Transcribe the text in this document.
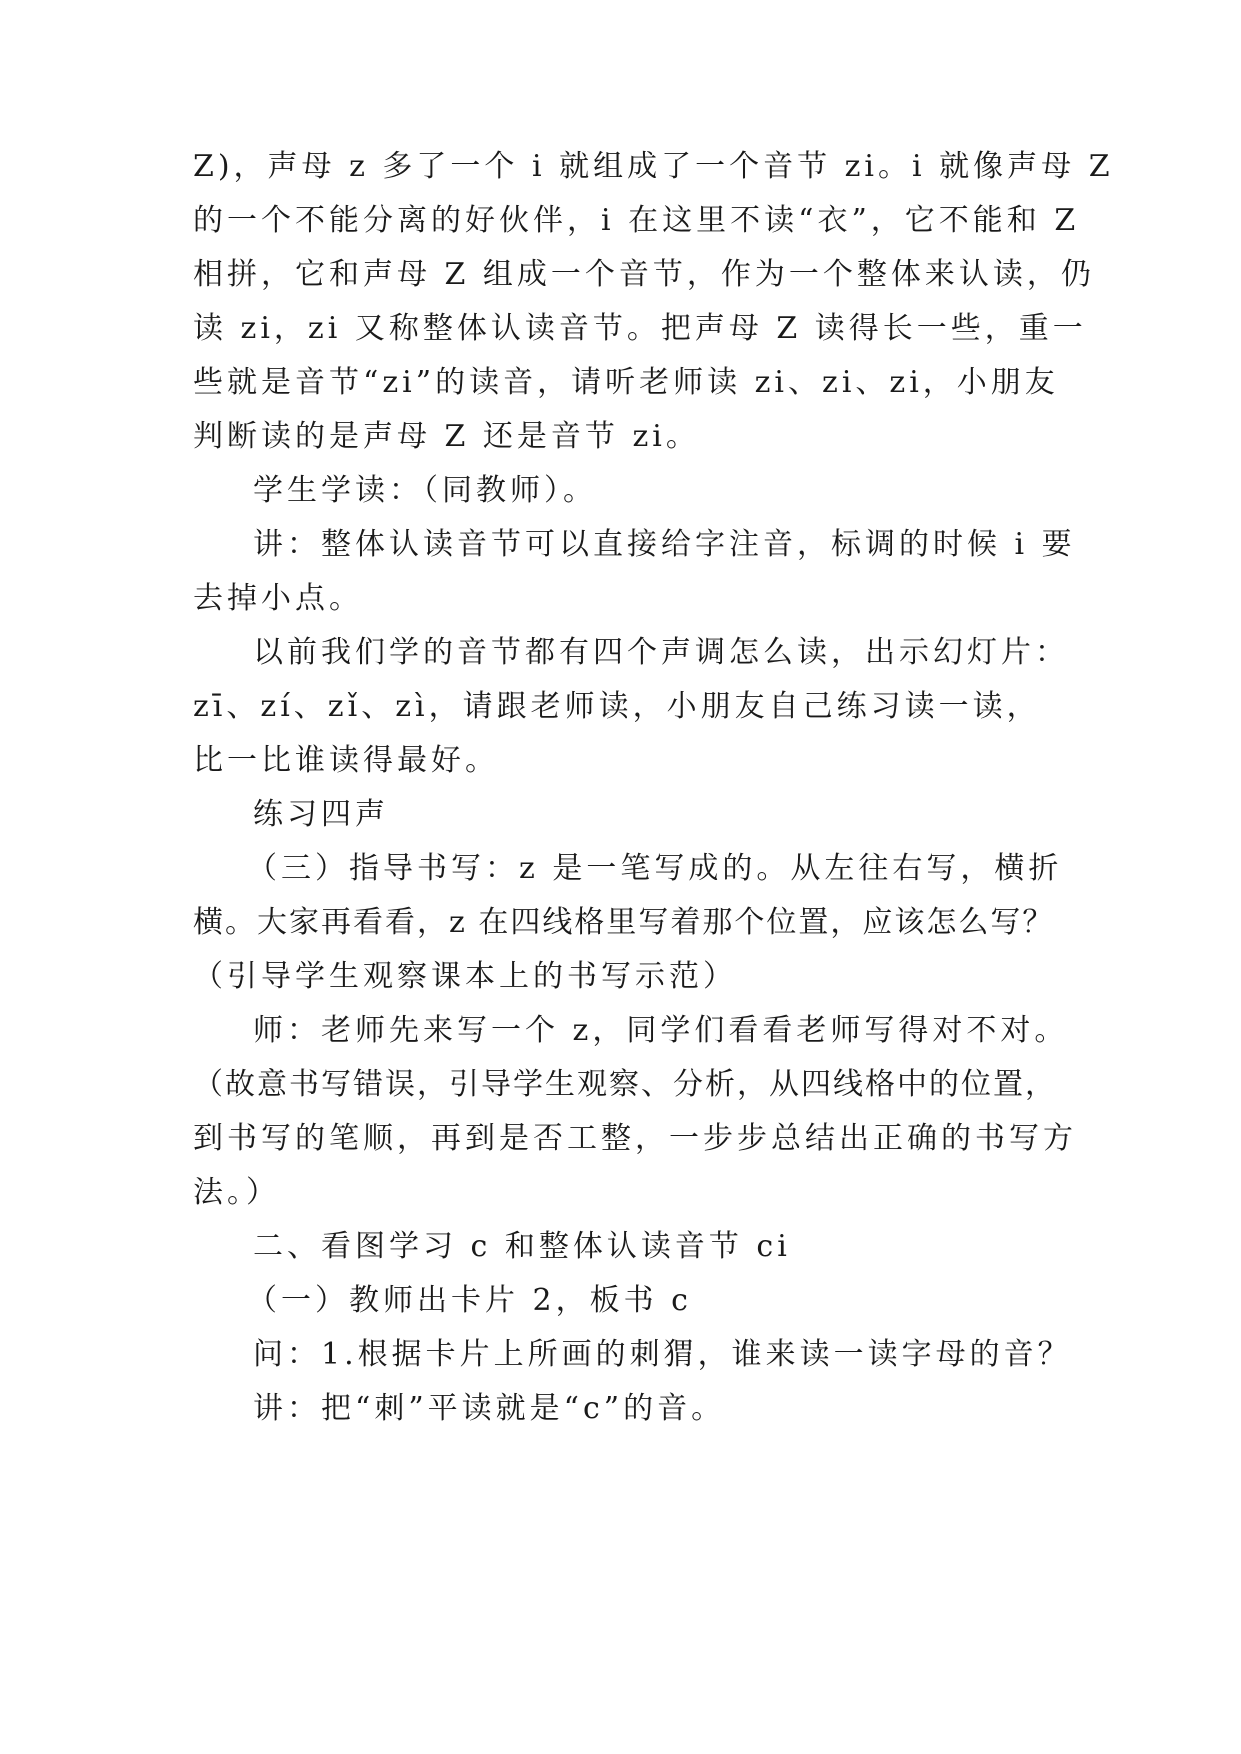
Z)，声母 z 多了一个 i 就组成了一个音节 zi。i 就像声母 Z
的一个不能分离的好伙伴，i 在这里不读“衣”，它不能和 Z
相拼，它和声母 Z 组成一个音节，作为一个整体来认读，仍
读 zi，zi 又称整体认读音节。把声母 Z 读得长一些，重一
些就是音节“zi”的读音，请听老师读 zi、zi、zi，小朋友
判断读的是声母 Z 还是音节 zi。
学生学读：（同教师）。
讲：整体认读音节可以直接给字注音，标调的时候 i 要
去掉小点。
以前我们学的音节都有四个声调怎么读，出示幻灯片：
zī、zí、zǐ、zì，请跟老师读，小朋友自己练习读一读，
比一比谁读得最好。
练习四声
（三）指导书写：z 是一笔写成的。从左往右写，横折
横。大家再看看，z 在四线格里写着那个位置，应该怎么写？
（引导学生观察课本上的书写示范）
师：老师先来写一个 z，同学们看看老师写得对不对。
（故意书写错误，引导学生观察、分析，从四线格中的位置，
到书写的笔顺，再到是否工整，一步步总结出正确的书写方
法。）
二、看图学习 c 和整体认读音节 ci
（一）教师出卡片 2，板书 c
问：1.根据卡片上所画的刺猬，谁来读一读字母的音？
讲：把“刺”平读就是“c”的音。
